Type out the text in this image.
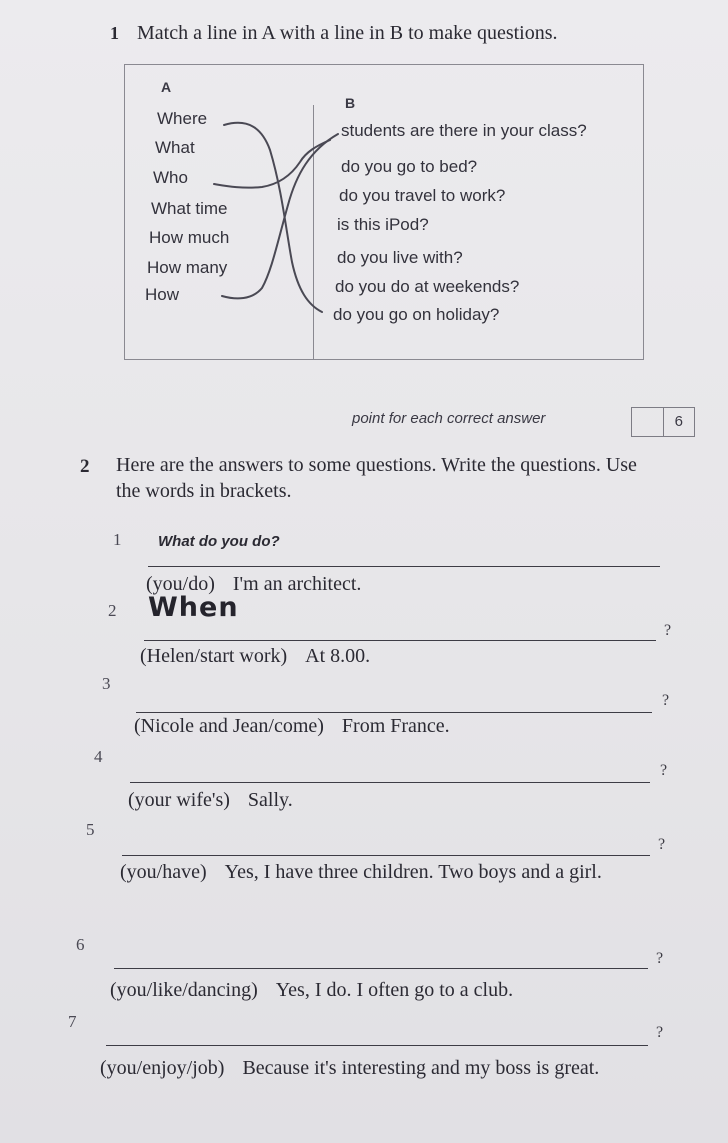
1 Match a line in A with a line in B to make questions.
A
B
Where
What
Who
What time
How much
How many
How
students are there in your class?
do you go to bed?
do you travel to work?
is this iPod?
do you live with?
do you do at weekends?
do you go on holiday?
point for each correct answer	6
2 Here are the answers to some questions. Write the questions. Use the words in brackets.
1 What do you do?
(you/do) I'm an architect.
2 When
?
(Helen/start work) At 8.00.
3
?
(Nicole and Jean/come) From France.
4
?
(your wife's) Sally.
5
?
(you/have) Yes, I have three children. Two boys and a girl.
6
?
(you/like/dancing) Yes, I do. I often go to a club.
7
?
(you/enjoy/job) Because it's interesting and my boss is great.
